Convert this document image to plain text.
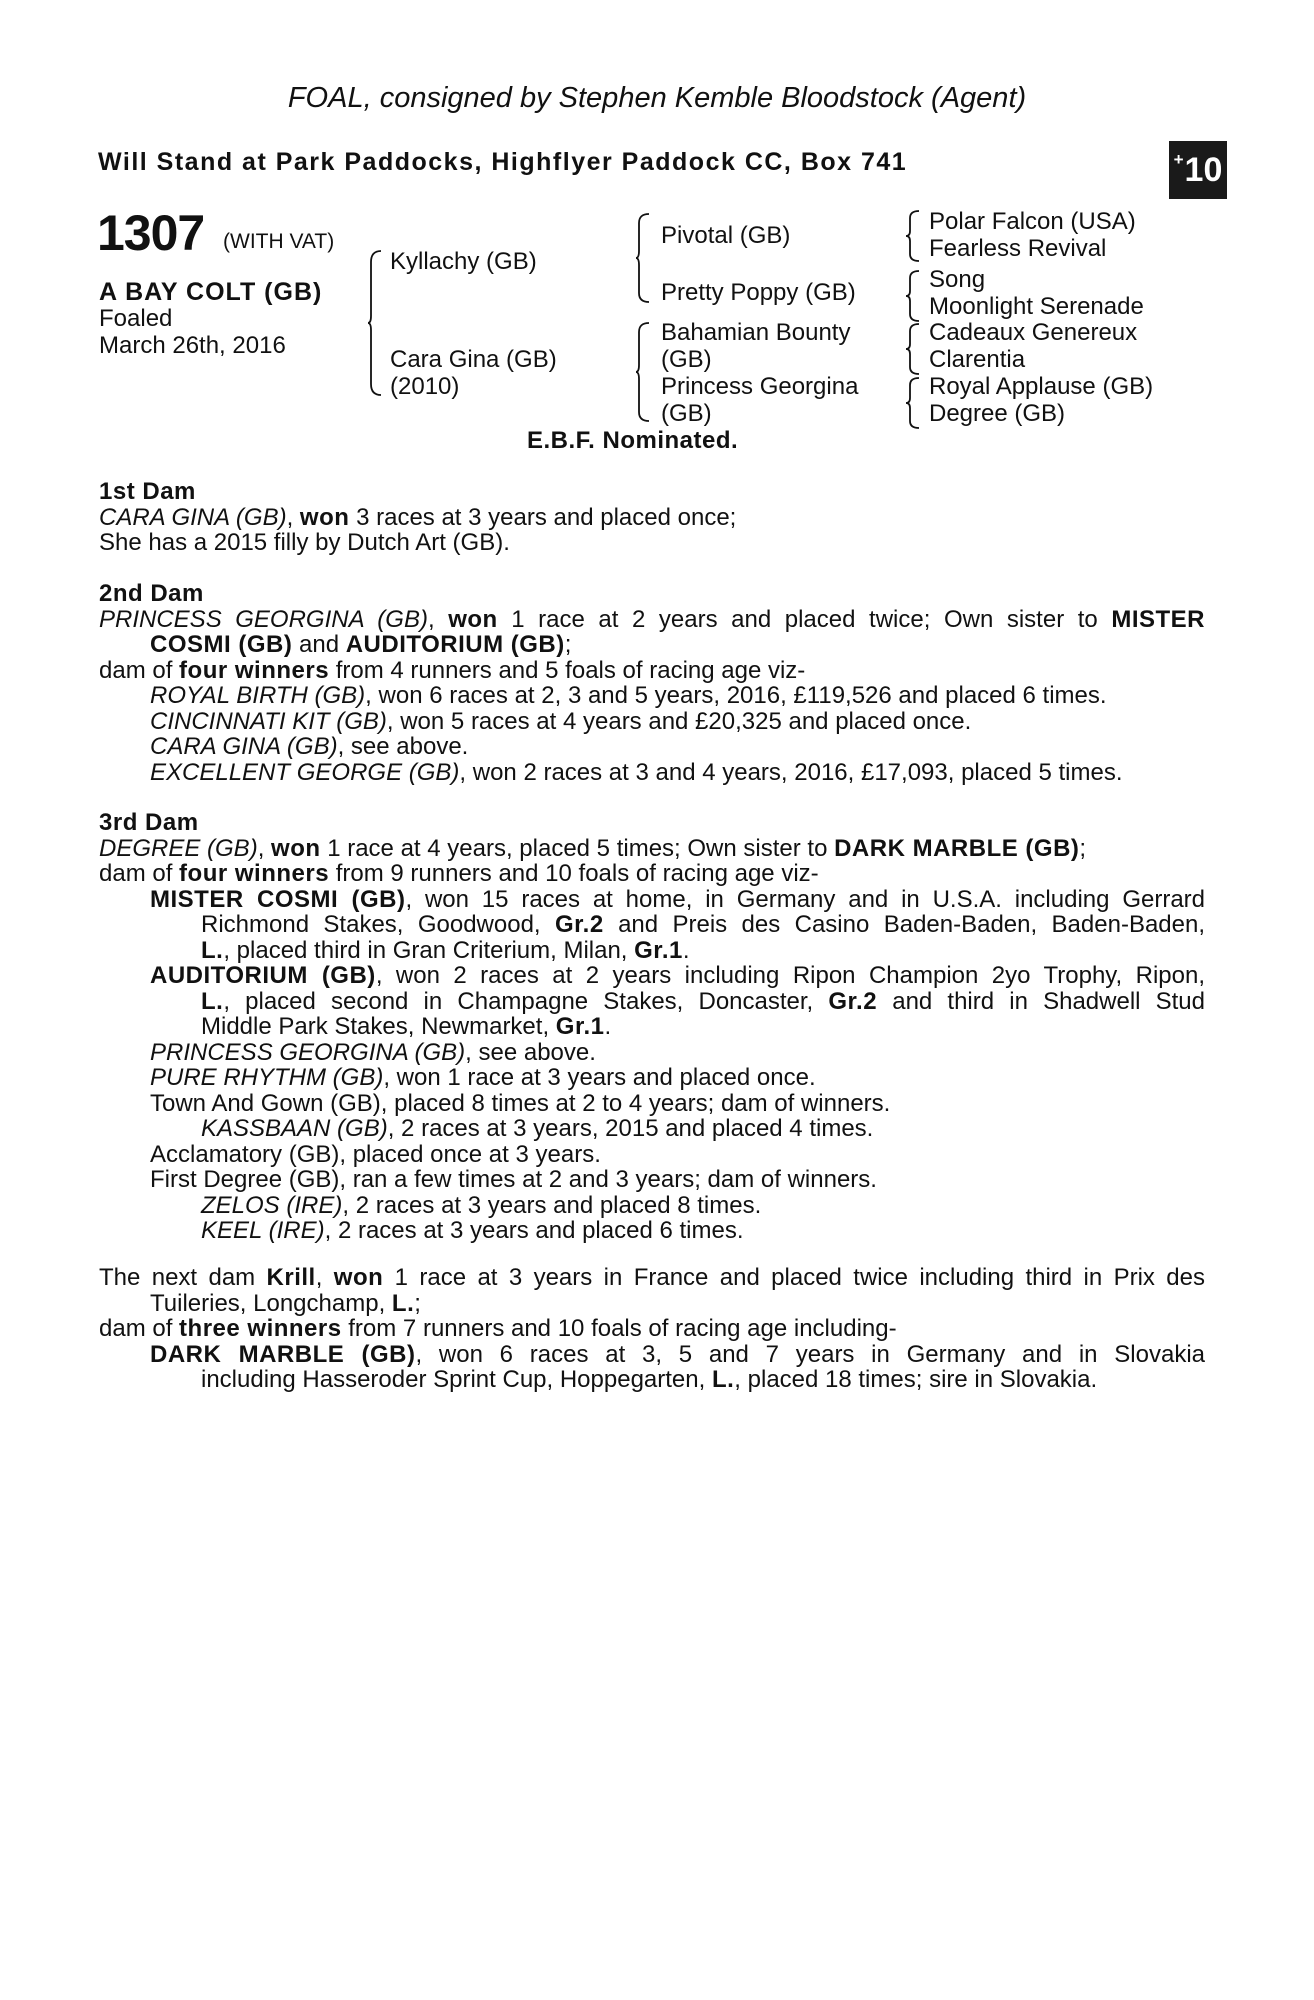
FOAL, consigned by Stephen Kemble Bloodstock (Agent)
Will Stand at Park Paddocks, Highflyer Paddock CC, Box 741	+ 10
1307 (WITH VAT)
A BAY COLT (GB)
Foaled
March 26th, 2016
Kyllachy (GB)
Cara Gina (GB)
(2010)
Pivotal (GB)
Pretty Poppy (GB)
Bahamian Bounty
(GB)
Princess Georgina
(GB)
Polar Falcon (USA)
Fearless Revival
Song
Moonlight Serenade
Cadeaux Genereux
Clarentia
Royal Applause (GB)
Degree (GB)
E.B.F. Nominated.
1st Dam
CARA GINA (GB), won 3 races at 3 years and placed once;
She has a 2015 filly by Dutch Art (GB).
2nd Dam
PRINCESS GEORGINA (GB), won 1 race at 2 years and placed twice; Own sister to MISTER
COSMI (GB) and AUDITORIUM (GB);
dam of four winners from 4 runners and 5 foals of racing age viz-
ROYAL BIRTH (GB), won 6 races at 2, 3 and 5 years, 2016, £119,526 and placed 6 times.
CINCINNATI KIT (GB), won 5 races at 4 years and £20,325 and placed once.
CARA GINA (GB), see above.
EXCELLENT GEORGE (GB), won 2 races at 3 and 4 years, 2016, £17,093, placed 5 times.
3rd Dam
DEGREE (GB), won 1 race at 4 years, placed 5 times; Own sister to DARK MARBLE (GB);
dam of four winners from 9 runners and 10 foals of racing age viz-
MISTER COSMI (GB), won 15 races at home, in Germany and in U.S.A. including Gerrard
Richmond Stakes, Goodwood, Gr.2 and Preis des Casino Baden-Baden, Baden-Baden,
L., placed third in Gran Criterium, Milan, Gr.1.
AUDITORIUM (GB), won 2 races at 2 years including Ripon Champion 2yo Trophy, Ripon,
L., placed second in Champagne Stakes, Doncaster, Gr.2 and third in Shadwell Stud
Middle Park Stakes, Newmarket, Gr.1.
PRINCESS GEORGINA (GB), see above.
PURE RHYTHM (GB), won 1 race at 3 years and placed once.
Town And Gown (GB), placed 8 times at 2 to 4 years; dam of winners.
KASSBAAN (GB), 2 races at 3 years, 2015 and placed 4 times.
Acclamatory (GB), placed once at 3 years.
First Degree (GB), ran a few times at 2 and 3 years; dam of winners.
ZELOS (IRE), 2 races at 3 years and placed 8 times.
KEEL (IRE), 2 races at 3 years and placed 6 times.
The next dam Krill, won 1 race at 3 years in France and placed twice including third in Prix des
Tuileries, Longchamp, L.;
dam of three winners from 7 runners and 10 foals of racing age including-
DARK MARBLE (GB), won 6 races at 3, 5 and 7 years in Germany and in Slovakia
including Hasseroder Sprint Cup, Hoppegarten, L., placed 18 times; sire in Slovakia.
